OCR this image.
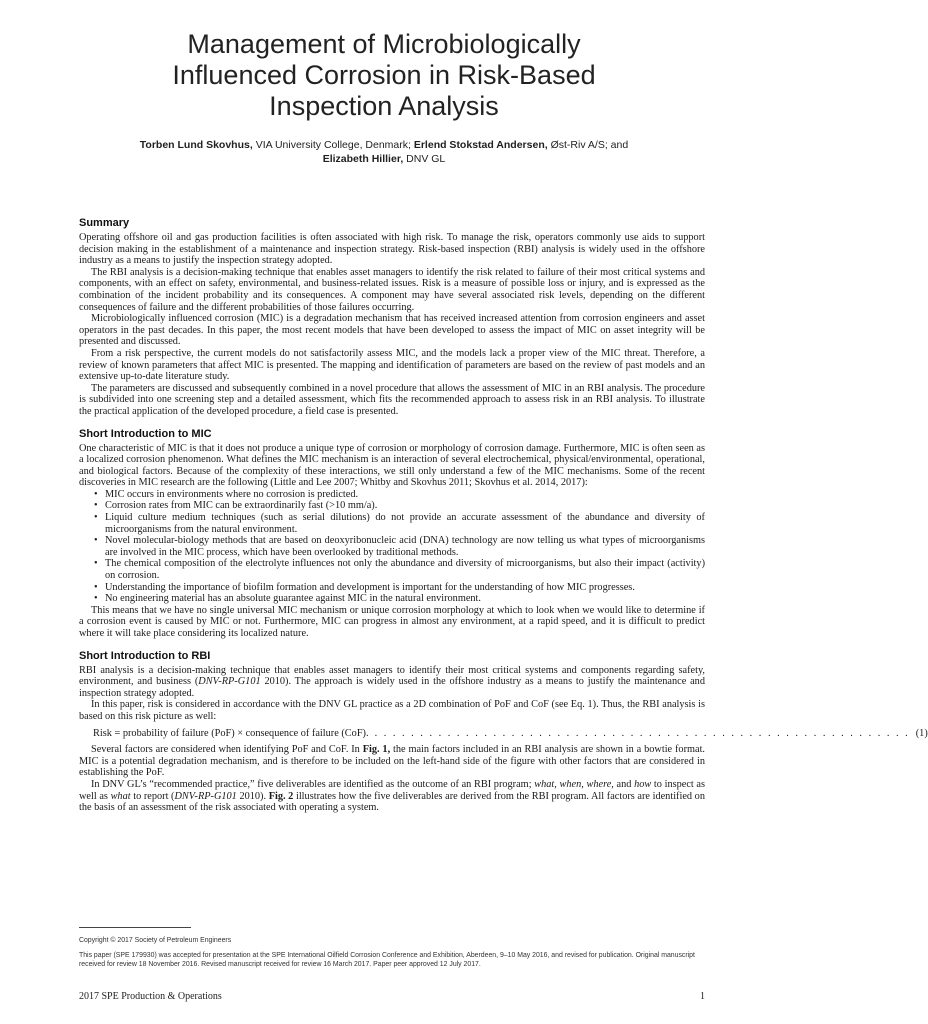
Management of Microbiologically
Influenced Corrosion in Risk-Based
Inspection Analysis
Torben Lund Skovhus, VIA University College, Denmark; Erlend Stokstad Andersen, Øst-Riv A/S; and
Elizabeth Hillier, DNV GL
Summary

Operating offshore oil and gas production facilities is often associated with high risk. To manage the risk, operators commonly use aids to support decision making in the establishment of a maintenance and inspection strategy. Risk-based inspection (RBI) analysis is widely used in the offshore industry as a means to justify the inspection strategy adopted.

The RBI analysis is a decision-making technique that enables asset managers to identify the risk related to failure of their most critical systems and components, with an effect on safety, environmental, and business-related issues. Risk is a measure of possible loss or injury, and is expressed as the combination of the incident probability and its consequences. A component may have several associated risk levels, depending on the different consequences of failure and the different probabilities of those failures occurring.

Microbiologically influenced corrosion (MIC) is a degradation mechanism that has received increased attention from corrosion engineers and asset operators in the past decades. In this paper, the most recent models that have been developed to assess the impact of MIC on asset integrity will be presented and discussed.

From a risk perspective, the current models do not satisfactorily assess MIC, and the models lack a proper view of the MIC threat. Therefore, a review of known parameters that affect MIC is presented. The mapping and identification of parameters are based on the review of past models and an extensive up-to-date literature study.

The parameters are discussed and subsequently combined in a novel procedure that allows the assessment of MIC in an RBI analysis. The procedure is subdivided into one screening step and a detailed assessment, which fits the recommended approach to assess risk in an RBI analysis. To illustrate the practical application of the developed procedure, a field case is presented.

Short Introduction to MIC

One characteristic of MIC is that it does not produce a unique type of corrosion or morphology of corrosion damage. Furthermore, MIC is often seen as a localized corrosion phenomenon. What defines the MIC mechanism is an interaction of several electrochemical, physical/environmental, operational, and biological factors. Because of the complexity of these interactions, we still only understand a few of the MIC mechanisms. Some of the recent discoveries in MIC research are the following (Little and Lee 2007; Whitby and Skovhus 2011; Skovhus et al. 2014, 2017):

• MIC occurs in environments where no corrosion is predicted.
• Corrosion rates from MIC can be extraordinarily fast (>10 mm/a).
• Liquid culture medium techniques (such as serial dilutions) do not provide an accurate assessment of the abundance and diversity of microorganisms from the natural environment.
• Novel molecular-biology methods that are based on deoxyribonucleic acid (DNA) technology are now telling us what types of microorganisms are involved in the MIC process, which have been overlooked by traditional methods.
• The chemical composition of the electrolyte influences not only the abundance and diversity of microorganisms, but also their impact (activity) on corrosion.
• Understanding the importance of biofilm formation and development is important for the understanding of how MIC progresses.
• No engineering material has an absolute guarantee against MIC in the natural environment.

This means that we have no single universal MIC mechanism or unique corrosion morphology at which to look when we would like to determine if a corrosion event is caused by MIC or not. Furthermore, MIC can progress in almost any environment, at a rapid speed, and it is difficult to predict where it will take place considering its localized nature.

Short Introduction to RBI

RBI analysis is a decision-making technique that enables asset managers to identify their most critical systems and components regarding safety, environment, and business (DNV-RP-G101 2010). The approach is widely used in the offshore industry as a means to justify the maintenance and inspection strategy adopted.

In this paper, risk is considered in accordance with the DNV GL practice as a 2D combination of PoF and CoF (see Eq. 1). Thus, the RBI analysis is based on this risk picture as well:

Risk = probability of failure (PoF) × consequence of failure (CoF). . . . . . . . . . . . . . . . . . . . . . . . . . . . . . . . . . . . . . . . . . . . . . . . . . . . . . . . . . . . (1)

Several factors are considered when identifying PoF and CoF. In Fig. 1, the main factors included in an RBI analysis are shown in a bowtie format. MIC is a potential degradation mechanism, and is therefore to be included on the left-hand side of the figure with other factors that are considered in establishing the PoF.

In DNV GL’s “recommended practice,” five deliverables are identified as the outcome of an RBI program; what, when, where, and how to inspect as well as what to report (DNV-RP-G101 2010). Fig. 2 illustrates how the five deliverables are derived from the RBI program. All factors are identified on the basis of an assessment of the risk associated with operating a system.

Copyright © 2017 Society of Petroleum Engineers
This paper (SPE 179930) was accepted for presentation at the SPE International Oilfield Corrosion Conference and Exhibition, Aberdeen, 9–10 May 2016, and revised for publication. Original manuscript received for review 18 November 2016. Revised manuscript received for review 16 March 2017. Paper peer approved 12 July 2017.
2017 SPE Production & Operations	1
